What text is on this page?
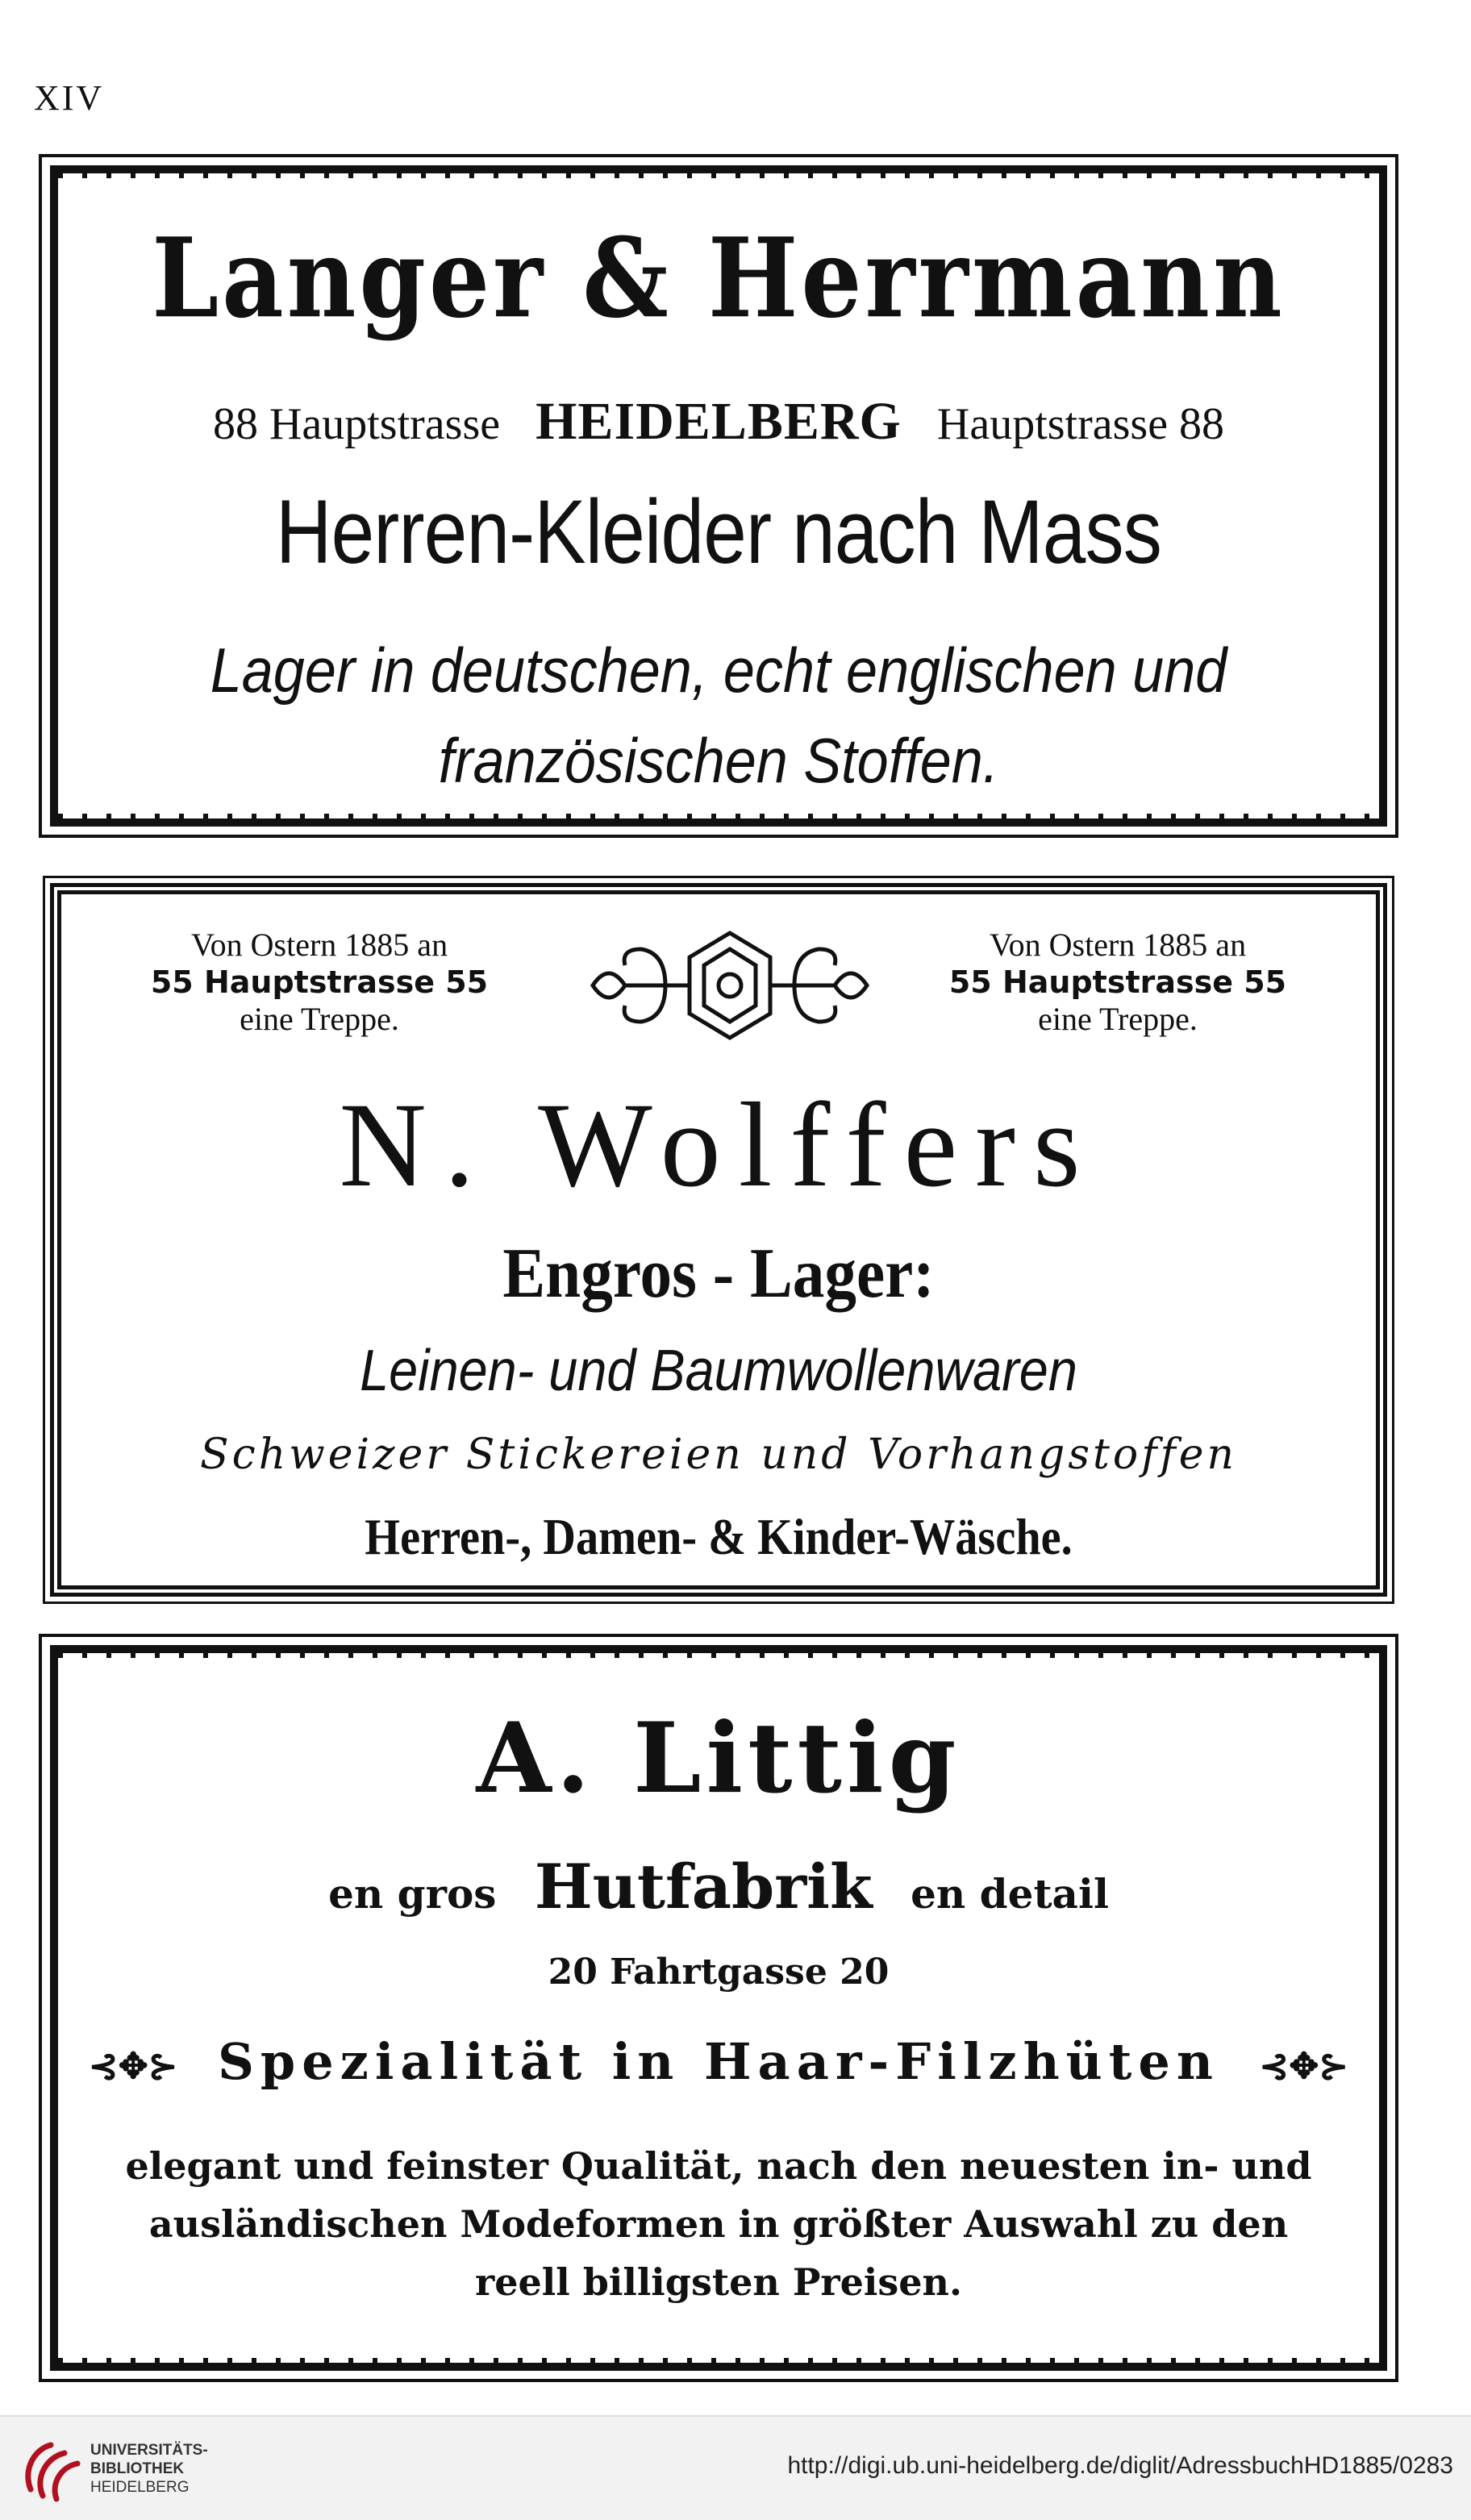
XIV
Langer & Herrmann
88 Hauptstrasse HEIDELBERG Hauptstrasse 88
Herren-Kleider nach Mass
Lager in deutschen, echt englischen und
französischen Stoffen.
Von Ostern 1885 an
55 Hauptstrasse 55
eine Treppe.
Von Ostern 1885 an
55 Hauptstrasse 55
eine Treppe.
N. Wolffers
Engros - Lager:
Leinen- und Baumwollenwaren
Schweizer Stickereien und Vorhangstoffen
Herren-, Damen- & Kinder-Wäsche.
A. Littig
en gros Hutfabrik en detail
20 Fahrtgasse 20
⊰✥⊱ Spezialität in Haar-Filzhüten ⊰✥⊱
elegant und feinster Qualität, nach den neuesten in- und ausländischen Modeformen in größter Auswahl zu den reell billigsten Preisen.
UNIVERSITÄTS-
BIBLIOTHEK
HEIDELBERG
http://digi.ub.uni-heidelberg.de/diglit/AdressbuchHD1885/0283
